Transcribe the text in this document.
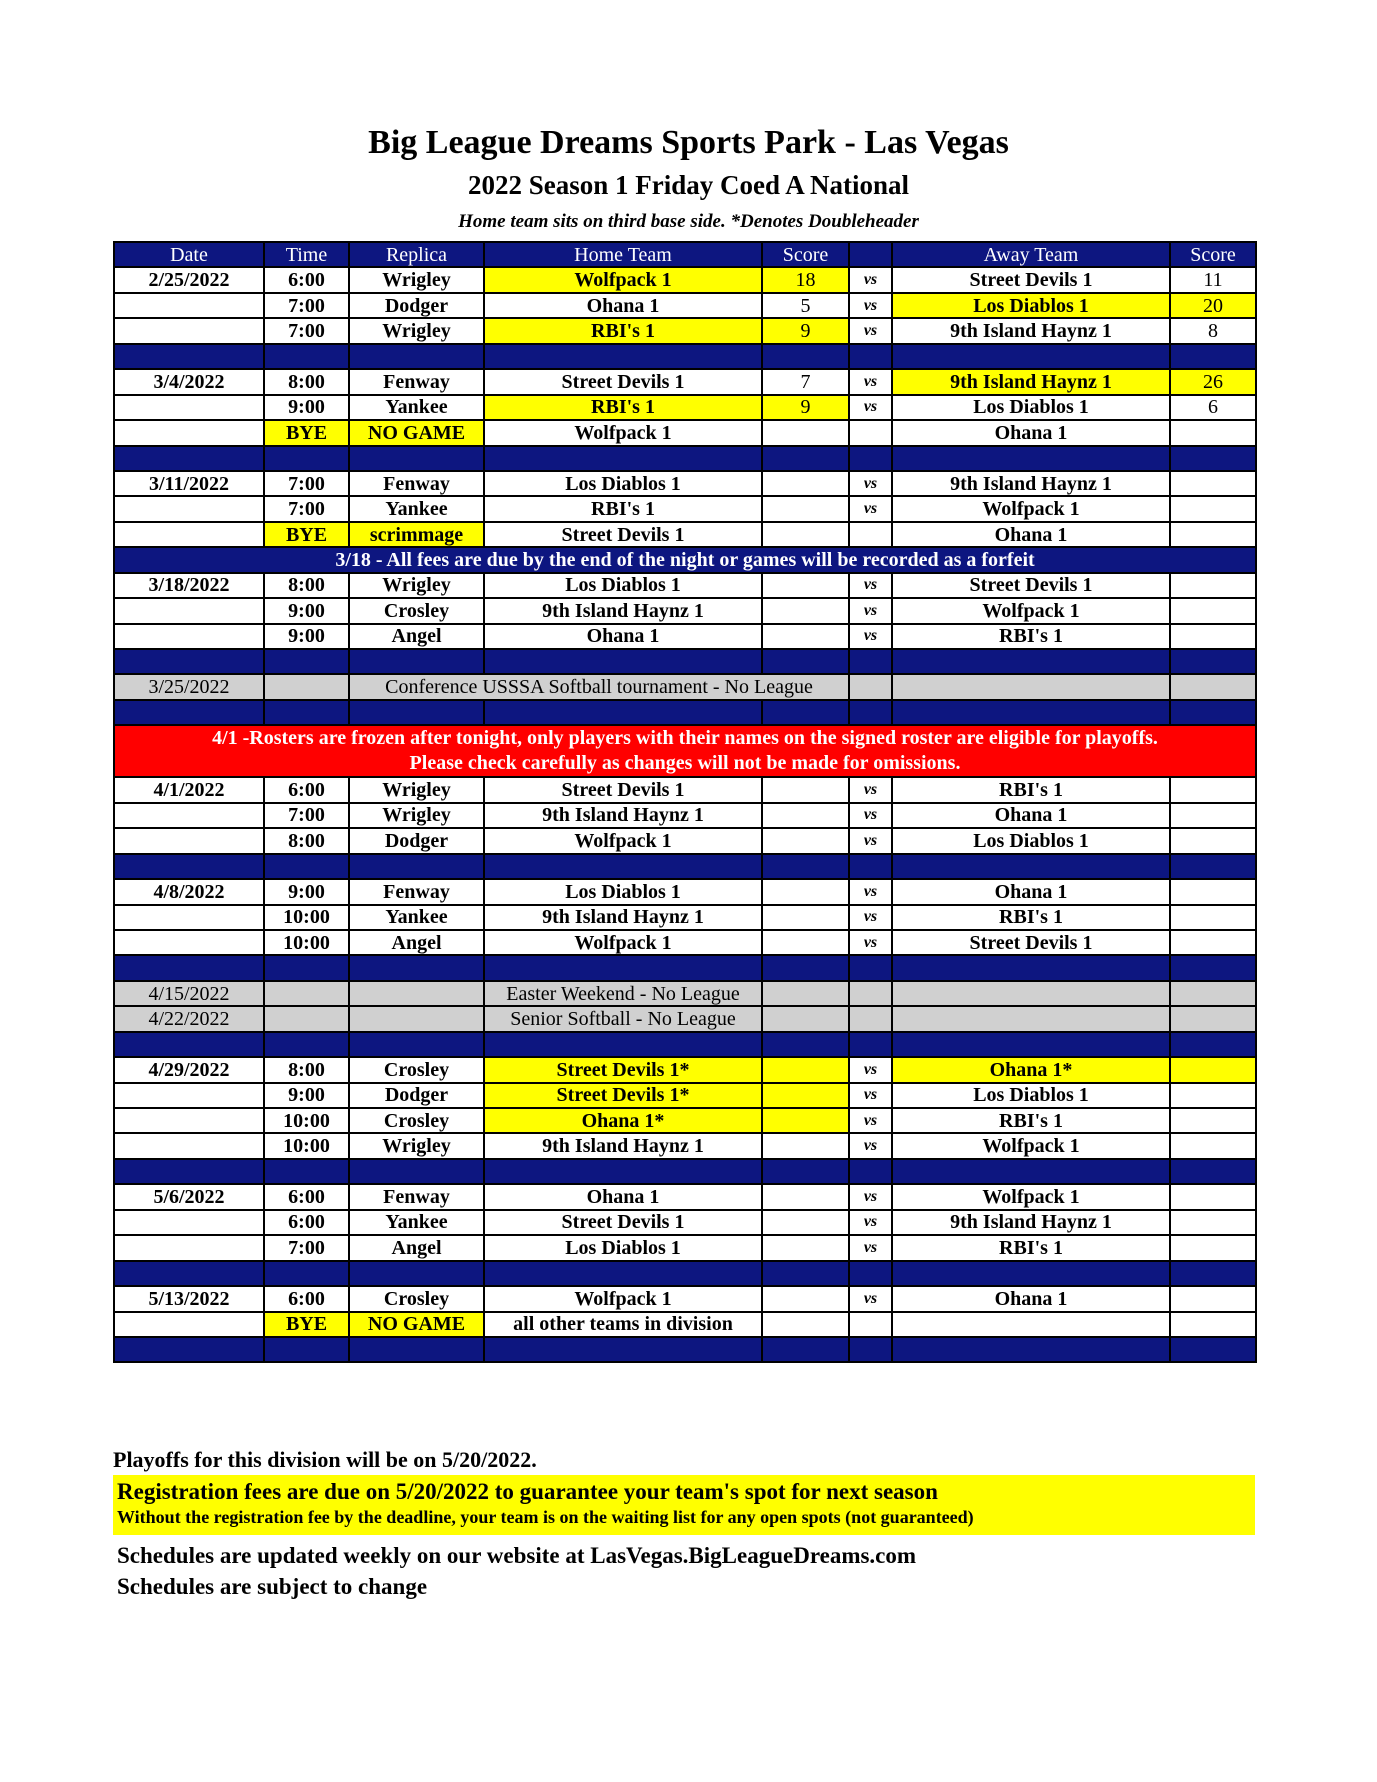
Big League Dreams Sports Park - Las Vegas
2022 Season 1 Friday Coed A National
Home team sits on third base side. *Denotes Doubleheader
Date	Time	Replica	Home Team	Score		Away Team	Score
2/25/2022	6:00	Wrigley	Wolfpack 1	18	vs	Street Devils 1	11
	7:00	Dodger	Ohana 1	5	vs	Los Diablos 1	20
	7:00	Wrigley	RBI's 1	9	vs	9th Island Haynz 1	8

3/4/2022	8:00	Fenway	Street Devils 1	7	vs	9th Island Haynz 1	26
	9:00	Yankee	RBI's 1	9	vs	Los Diablos 1	6
	BYE	NO GAME	Wolfpack 1			Ohana 1	

3/11/2022	7:00	Fenway	Los Diablos 1		vs	9th Island Haynz 1	
	7:00	Yankee	RBI's 1		vs	Wolfpack 1	
	BYE	scrimmage	Street Devils 1			Ohana 1	
3/18 - All fees are due by the end of the night or games will be recorded as a forfeit							
3/18/2022	8:00	Wrigley	Los Diablos 1		vs	Street Devils 1	
	9:00	Crosley	9th Island Haynz 1		vs	Wolfpack 1	
	9:00	Angel	Ohana 1		vs	RBI's 1	

3/25/2022		Conference USSSA Softball tournament - No League					

4/1 -Rosters are frozen after tonight, only players with their names on the signed roster are eligible for playoffs.
Please check carefully as changes will not be made for omissions.							

4/1/2022	6:00	Wrigley	Street Devils 1		vs	RBI's 1	
	7:00	Wrigley	9th Island Haynz 1		vs	Ohana 1	
	8:00	Dodger	Wolfpack 1		vs	Los Diablos 1	

4/8/2022	9:00	Fenway	Los Diablos 1		vs	Ohana 1	
	10:00	Yankee	9th Island Haynz 1		vs	RBI's 1	
	10:00	Angel	Wolfpack 1		vs	Street Devils 1	

4/15/2022			Easter Weekend - No League				
4/22/2022			Senior Softball - No League				

4/29/2022	8:00	Crosley	Street Devils 1*		vs	Ohana 1*	
	9:00	Dodger	Street Devils 1*		vs	Los Diablos 1	
	10:00	Crosley	Ohana 1*		vs	RBI's 1	
	10:00	Wrigley	9th Island Haynz 1		vs	Wolfpack 1	

5/6/2022	6:00	Fenway	Ohana 1		vs	Wolfpack 1	
	6:00	Yankee	Street Devils 1		vs	9th Island Haynz 1	
	7:00	Angel	Los Diablos 1		vs	RBI's 1	

5/13/2022	6:00	Crosley	Wolfpack 1		vs	Ohana 1	
	BYE	NO GAME	all other teams in division				

Playoffs for this division will be on 5/20/2022.
Registration fees are due on 5/20/2022 to guarantee your team's spot for next season
Without the registration fee by the deadline, your team is on the waiting list for any open spots (not guaranteed)
Schedules are updated weekly on our website at LasVegas.BigLeagueDreams.com
Schedules are subject to change
